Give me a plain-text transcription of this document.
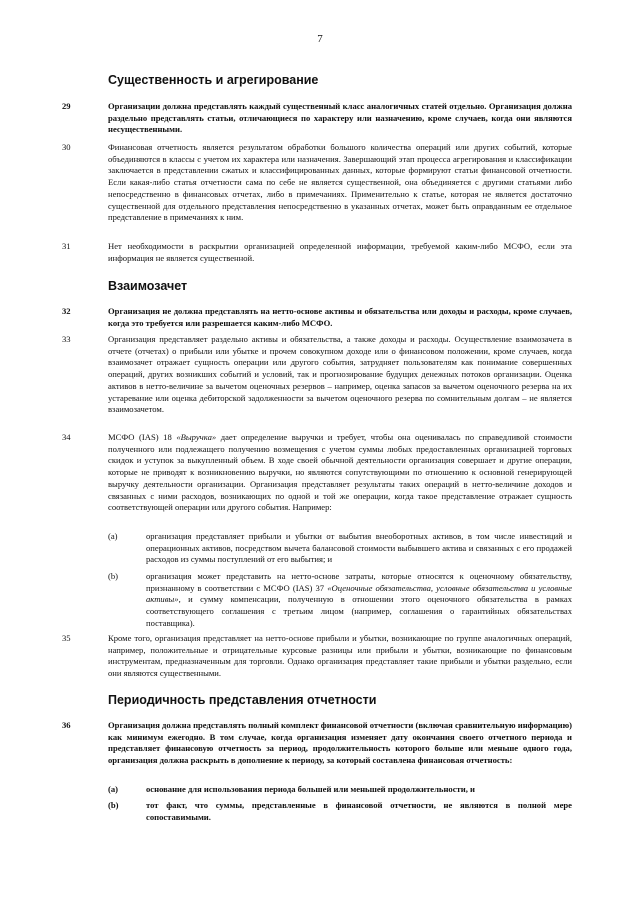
7
Существенность и агрегирование
29	Организации должна представлять каждый существенный класс аналогичных статей отдельно. Организация должна раздельно представлять статьи, отличающиеся по характеру или назначению, кроме случаев, когда они являются несущественными.
30	Финансовая отчетность является результатом обработки большого количества операций или других событий, которые объединяются в классы с учетом их характера или назначения. Завершающий этап процесса агрегирования и классификации заключается в представлении сжатых и классифицированных данных, которые формируют статьи финансовой отчетности. Если какая-либо статья отчетности сама по себе не является существенной, она объединяется с другими статьями либо непосредственно в финансовых отчетах, либо в примечаниях. Применительно к статье, которая не является достаточно существенной для отдельного представления непосредственно в указанных отчетах, может быть оправданным ее отдельное представление в примечаниях к ним.
31	Нет необходимости в раскрытии организацией определенной информации, требуемой каким-либо МСФО, если эта информация не является существенной.
Взаимозачет
32	Организация не должна представлять на нетто-основе активы и обязательства или доходы и расходы, кроме случаев, когда это требуется или разрешается каким-либо МСФО.
33	Организация представляет раздельно активы и обязательства, а также доходы и расходы. Осуществление взаимозачета в отчете (отчетах) о прибыли или убытке и прочем совокупном доходе или о финансовом положении, кроме случаев, когда взаимозачет отражает сущность операции или другого события, затрудняет пользователям как понимание совершенных операций, других возникших событий и условий, так и прогнозирование будущих денежных потоков организации. Оценка активов в нетто-величине за вычетом оценочных резервов – например, оценка запасов за вычетом оценочного резерва на их устаревание или оценка дебиторской задолженности за вычетом оценочного резерва по сомнительным долгам – не является взаимозачетом.
34	МСФО (IAS) 18 «Выручка» дает определение выручки и требует, чтобы она оценивалась по справедливой стоимости полученного или подлежащего получению возмещения с учетом суммы любых предоставленных организацией торговых скидок и уступок за выкупленный объем. В ходе своей обычной деятельности организация совершает и другие операции, которые не приводят к возникновению выручки, но являются сопутствующими по отношению к основной генерирующей выручку деятельности организации. Организация представляет результаты таких операций в нетто-величине доходов и связанных с ними расходов, возникающих по одной и той же операции, когда такое представление отражает сущность соответствующей операции или другого события. Например:
(a)	организация представляет прибыли и убытки от выбытия внеоборотных активов, в том числе инвестиций и операционных активов, посредством вычета балансовой стоимости выбывшего актива и связанных с его продажей расходов из суммы поступлений от его выбытия; и
(b)	организация может представить на нетто-основе затраты, которые относятся к оценочному обязательству, признанному в соответствии с МСФО (IAS) 37 «Оценочные обязательства, условные обязательства и условные активы», и сумму компенсации, полученную в отношении этого оценочного обязательства в рамках соответствующего соглашения с третьим лицом (например, соглашения о гарантийных обязательствах поставщика).
35	Кроме того, организация представляет на нетто-основе прибыли и убытки, возникающие по группе аналогичных операций, например, положительные и отрицательные курсовые разницы или прибыли и убытки, возникающие по финансовым инструментам, предназначенным для торговли. Однако организация представляет такие прибыли и убытки раздельно, если они являются существенными.
Периодичность представления отчетности
36	Организация должна представлять полный комплект финансовой отчетности (включая сравнительную информацию) как минимум ежегодно. В том случае, когда организация изменяет дату окончания своего отчетного периода и представляет финансовую отчетность за период, продолжительность которого больше или меньше одного года, организация должна раскрыть в дополнение к периоду, за который составлена финансовая отчетность:
(a)	основание для использования периода большей или меньшей продолжительности, и
(b)	тот факт, что суммы, представленные в финансовой отчетности, не являются в полной мере сопоставимыми.
